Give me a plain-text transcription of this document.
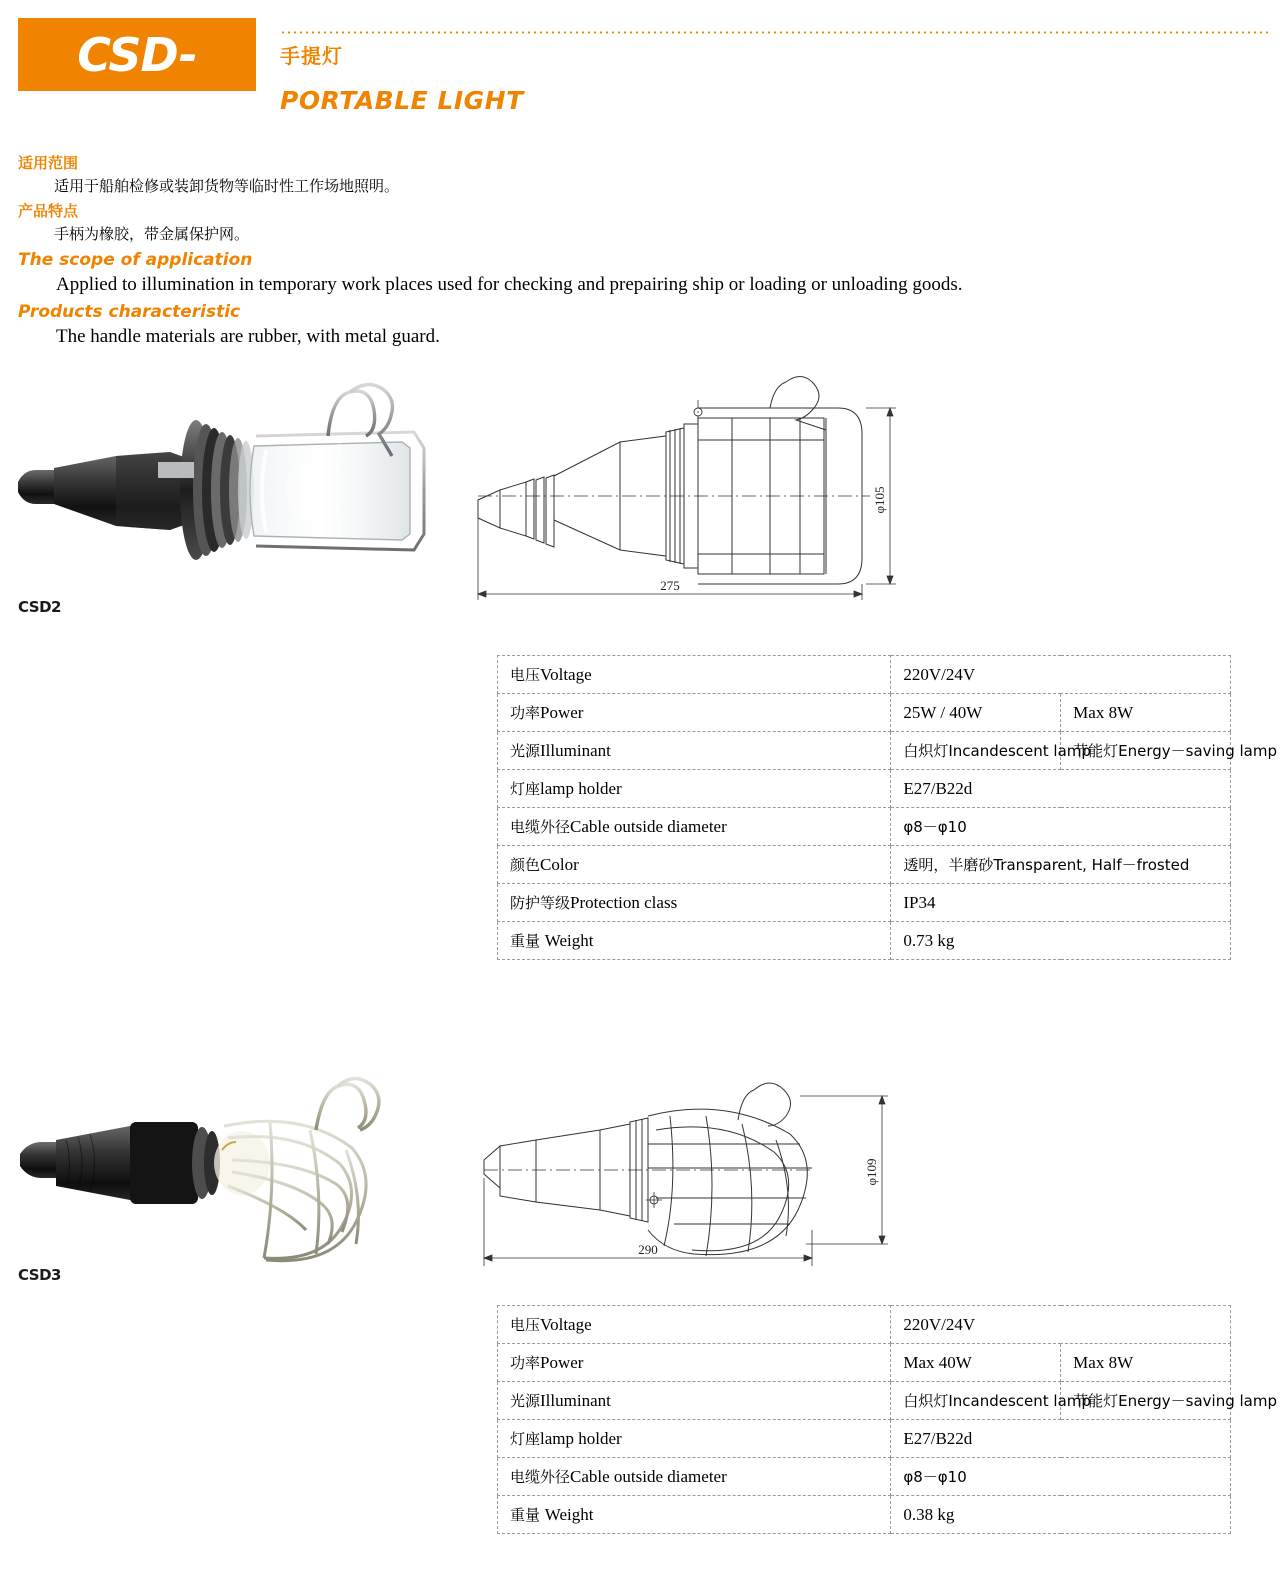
CSD-	手提灯
PORTABLE LIGHT

适用范围

适用于船舶检修或装卸货物等临时性工作场地照明。

产品特点

手柄为橡胶，带金属保护网。

The scope of application

Applied to illumination in temporary work places used for checking and prepairing ship or loading or unloading goods.

Products characteristic

The handle materials are rubber, with metal guard.

CSD2
φ105
275
电压Voltage	220V/24V	
功率Power	25W / 40W	Max 8W
光源Illuminant	白炽灯Incandescent lamp	节能灯Energy－saving lamp
灯座lamp holder	E27/B22d	
电缆外径Cable outside diameter	φ8－φ10	
颜色Color	透明，半磨砂Transparent, Half－frosted	
防护等级Protection class	IP34	
重量 Weight	0.73 kg	
CSD3
φ109
290
电压Voltage	220V/24V	
功率Power	Max 40W	Max 8W
光源Illuminant	白炽灯Incandescent lamp	节能灯Energy－saving lamp
灯座lamp holder	E27/B22d	
电缆外径Cable outside diameter	φ8－φ10	
重量 Weight	0.38 kg	
